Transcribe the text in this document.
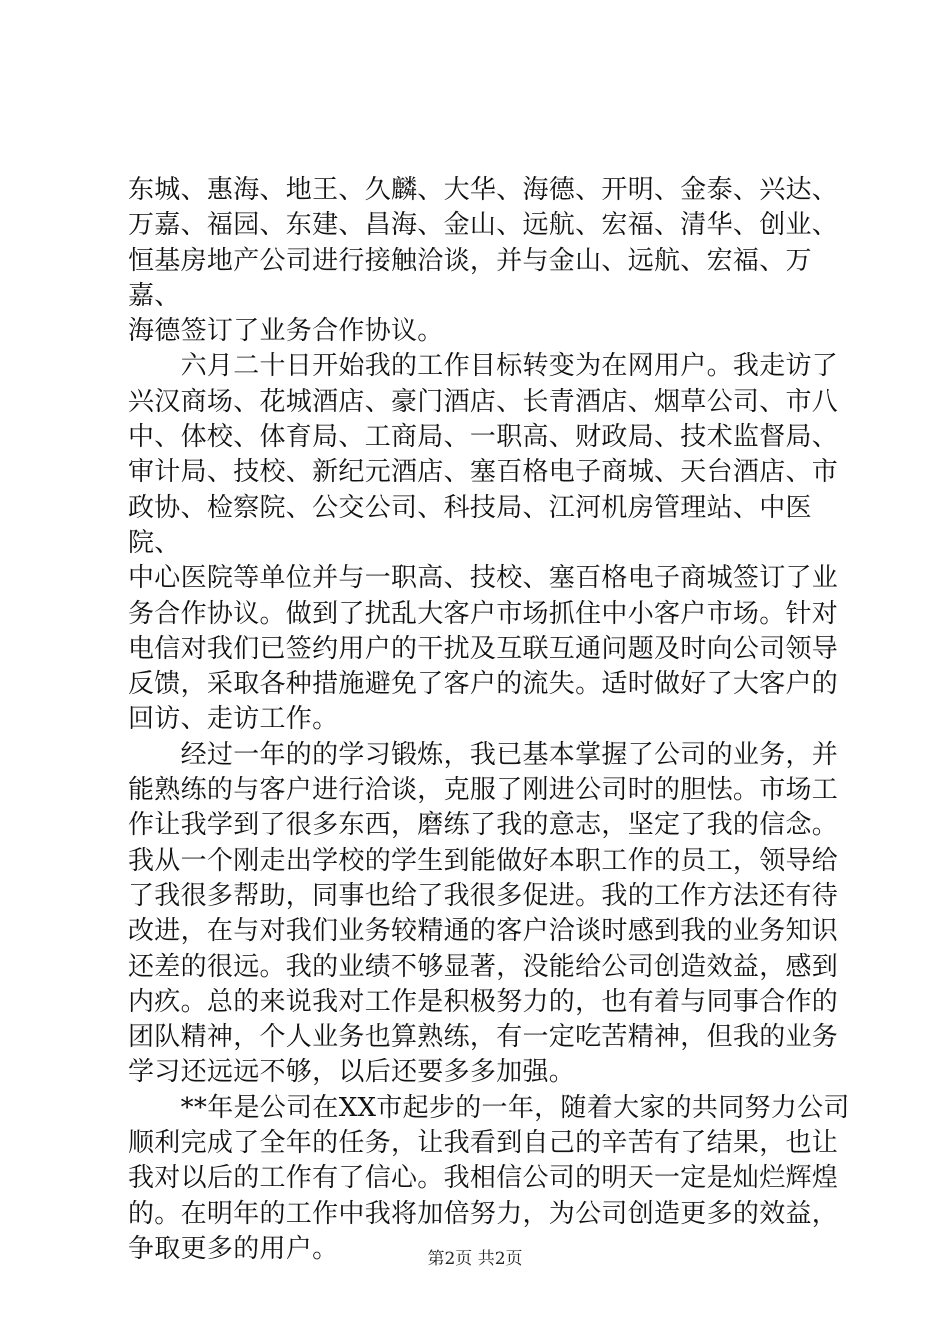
东城、惠海、地王、久麟、大华、海德、开明、金泰、兴达、
万嘉、福园、东建、昌海、金山、远航、宏福、清华、创业、
恒基房地产公司进行接触洽谈，并与金山、远航、宏福、万嘉、
海德签订了业务合作协议。

　　六月二十日开始我的工作目标转变为在网用户。我走访了
兴汉商场、花城酒店、豪门酒店、长青酒店、烟草公司、市八
中、体校、体育局、工商局、一职高、财政局、技术监督局、
审计局、技校、新纪元酒店、塞百格电子商城、天台酒店、市
政协、检察院、公交公司、科技局、江河机房管理站、中医院、
中心医院等单位并与一职高、技校、塞百格电子商城签订了业
务合作协议。做到了扰乱大客户市场抓住中小客户市场。针对
电信对我们已签约用户的干扰及互联互通问题及时向公司领导
反馈，采取各种措施避免了客户的流失。适时做好了大客户的
回访、走访工作。

　　经过一年的的学习锻炼，我已基本掌握了公司的业务，并
能熟练的与客户进行洽谈，克服了刚进公司时的胆怯。市场工
作让我学到了很多东西，磨练了我的意志，坚定了我的信念。
我从一个刚走出学校的学生到能做好本职工作的员工，领导给
了我很多帮助，同事也给了我很多促进。我的工作方法还有待
改进，在与对我们业务较精通的客户洽谈时感到我的业务知识
还差的很远。我的业绩不够显著，没能给公司创造效益，感到
内疚。总的来说我对工作是积极努力的，也有着与同事合作的
团队精神，个人业务也算熟练，有一定吃苦精神，但我的业务
学习还远远不够，以后还要多多加强。

　　**年是公司在XX市起步的一年，随着大家的共同努力公司
顺利完成了全年的任务，让我看到自己的辛苦有了结果，也让
我对以后的工作有了信心。我相信公司的明天一定是灿烂辉煌
的。在明年的工作中我将加倍努力，为公司创造更多的效益，
争取更多的用户。	第2页 共2页
